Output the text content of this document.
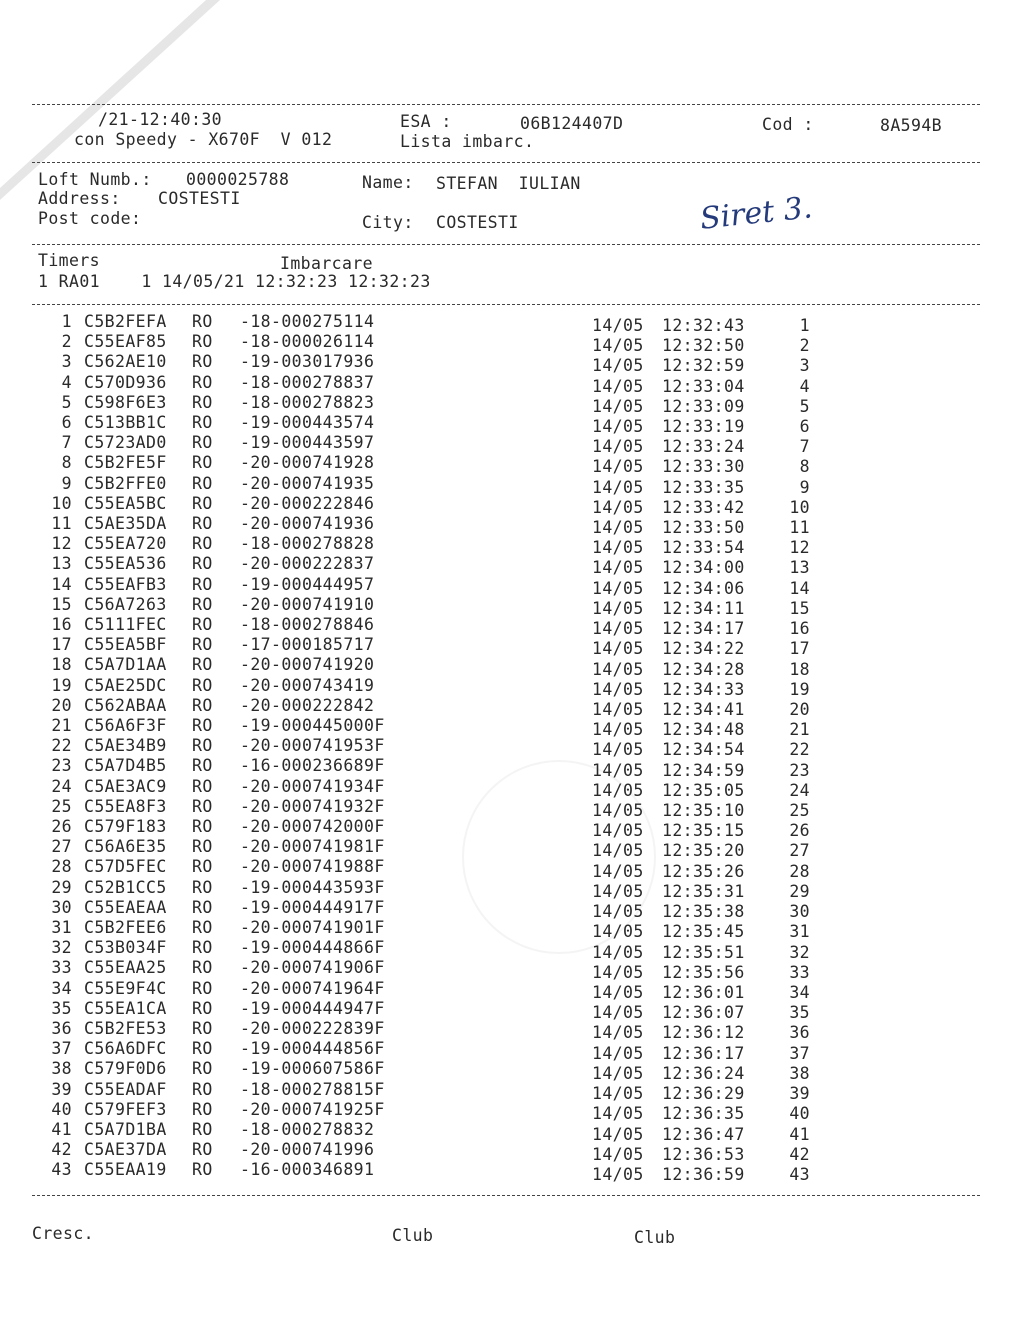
/21-12:40:30	ESA :	06B124407D	Cod :	8A594B
con Speedy - X670F  V 012	Lista imbarc.
Loft Numb.: 0000025788	Name: STEFAN  IULIAN
Address: COSTESTI
Post code:	City: COSTESTI	Siret 3.
Timers	Imbarcare
1 RA01    1 14/05/21 12:32:23 12:32:23
1 C5B2FEFA RO -18-000275114	14/05 12:32:43	1
2 C55EAF85 RO -18-000026114	14/05 12:32:50	2
3 C562AE10 RO -19-003017936	14/05 12:32:59	3
4 C570D936 RO -18-000278837	14/05 12:33:04	4
5 C598F6E3 RO -18-000278823	14/05 12:33:09	5
6 C513BB1C RO -19-000443574	14/05 12:33:19	6
7 C5723AD0 RO -19-000443597	14/05 12:33:24	7
8 C5B2FE5F RO -20-000741928	14/05 12:33:30	8
9 C5B2FFE0 RO -20-000741935	14/05 12:33:35	9
10 C55EA5BC RO -20-000222846	14/05 12:33:42	10
11 C5AE35DA RO -20-000741936	14/05 12:33:50	11
12 C55EA720 RO -18-000278828	14/05 12:33:54	12
13 C55EA536 RO -20-000222837	14/05 12:34:00	13
14 C55EAFB3 RO -19-000444957	14/05 12:34:06	14
15 C56A7263 RO -20-000741910	14/05 12:34:11	15
16 C5111FEC RO -18-000278846	14/05 12:34:17	16
17 C55EA5BF RO -17-000185717	14/05 12:34:22	17
18 C5A7D1AA RO -20-000741920	14/05 12:34:28	18
19 C5AE25DC RO -20-000743419	14/05 12:34:33	19
20 C562ABAA RO -20-000222842	14/05 12:34:41	20
21 C56A6F3F RO -19-000445000F	14/05 12:34:48	21
22 C5AE34B9 RO -20-000741953F	14/05 12:34:54	22
23 C5A7D4B5 RO -16-000236689F	14/05 12:34:59	23
24 C5AE3AC9 RO -20-000741934F	14/05 12:35:05	24
25 C55EA8F3 RO -20-000741932F	14/05 12:35:10	25
26 C579F183 RO -20-000742000F	14/05 12:35:15	26
27 C56A6E35 RO -20-000741981F	14/05 12:35:20	27
28 C57D5FEC RO -20-000741988F	14/05 12:35:26	28
29 C52B1CC5 RO -19-000443593F	14/05 12:35:31	29
30 C55EAEAA RO -19-000444917F	14/05 12:35:38	30
31 C5B2FEE6 RO -20-000741901F	14/05 12:35:45	31
32 C53B034F RO -19-000444866F	14/05 12:35:51	32
33 C55EAA25 RO -20-000741906F	14/05 12:35:56	33
34 C55E9F4C RO -20-000741964F	14/05 12:36:01	34
35 C55EA1CA RO -19-000444947F	14/05 12:36:07	35
36 C5B2FE53 RO -20-000222839F	14/05 12:36:12	36
37 C56A6DFC RO -19-000444856F	14/05 12:36:17	37
38 C579F0D6 RO -19-000607586F	14/05 12:36:24	38
39 C55EADAF RO -18-000278815F	14/05 12:36:29	39
40 C579FEF3 RO -20-000741925F	14/05 12:36:35	40
41 C5A7D1BA RO -18-000278832	14/05 12:36:47	41
42 C5AE37DA RO -20-000741996	14/05 12:36:53	42
43 C55EAA19 RO -16-000346891	14/05 12:36:59	43
Cresc.	Club	Club
